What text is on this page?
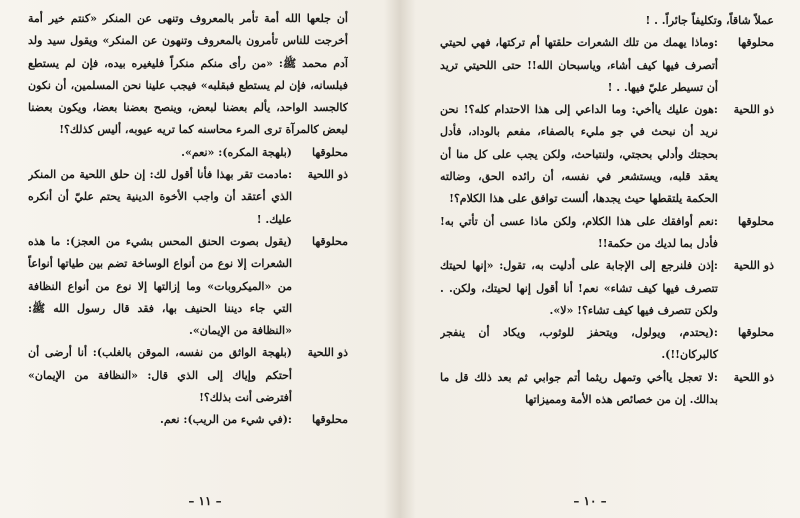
أن جلعها الله أمة تأمر بالمعروف وتنهى عن المنكر «كنتم خير أمة أخرجت للناس تأمرون بالمعروف وتنهون عن المنكر» ويقول سيد ولد آدم محمد ﷺ: «من رأى منكم منكراً فليغيره بيده، فإن لم يستطع فبلسانه، فإن لم يستطع فبقلبه» فيجب علينا نحن المسلمين، أن نكون كالجسد الواحد، يألم بعضنا لبعض، وينصح بعضنا بعضا، ويكون بعضنا لبعض كالمرآة ترى المرء محاسنه كما تريه عيوبه، أليس كذلك؟!

محلوقها
(بلهجة المكره): «نعم».
ذو اللحية
:مادمت تقر بهذا فأنا أقول لك: إن حلق اللحية من المنكر الذي أعتقد أن واجب الأخوة الدينية يحتم عليّ أن أنكره عليك. !
محلوقها
(يقول بصوت الحنق المحس بشيء من العجز): ما هذه الشعرات إلا نوع من أنواع الوساخة تضم بين طياتها أنواعاً من «الميكروبات» وما إزالتها إلا نوع من أنواع النظافة التي جاء ديننا الحنيف بها، فقد قال رسول الله ﷺ: «النظافة من الإيمان».
ذو اللحية
(بلهجة الواثق من نفسه، الموقن بالغلب): أنا أرضى أن أحتكم وإياك إلى الذي قال: «النظافة من الإيمان» أفترضى أنت بذلك؟!
محلوقها
:(في شيء من الريب): نعم.
– ١١ –

عملاً شاقاً، وتكليفاً جائراً. . !

محلوقها
:وماذا يهمك من تلك الشعرات حلقتها أم تركتها، فهي لحيتي أتصرف فيها كيف أشاء، وياسبحان الله!! حتى اللحيتي تريد أن تسيطر عليّ فيها. . !
ذو اللحية
:هون عليك ياأخي: وما الداعي إلى هذا الاحتدام كله؟! نحن نريد أن نبحث في جو مليء بالصفاء، مفعم بالوداد، فأدل بحجتك وأدلي بحجتي، ولنتباحث، ولكن يجب على كل منا أن يعقد قلبه، ويستشعر في نفسه، أن رائده الحق، وضالته الحكمة يلتقطها حيث يجدها، ألست توافق على هذا الكلام؟!
محلوقها
:نعم أوافقك على هذا الكلام، ولكن ماذا عسى أن تأتي به! فأدل بما لديك من حكمة!!
ذو اللحية
:إذن فلنرجع إلى الإجابة على أدليت به، تقول: «إنها لحيتك تتصرف فيها كيف تشاء» نعم! أنا أقول إنها لحيتك، ولكن. . ولكن تتصرف فيها كيف تشاء؟! «لا».
محلوقها
:(يحتدم، ويولول، ويتحفز للوثوب، ويكاد أن ينفجر كالبركان!!).
ذو اللحية
:لا تعجل ياأخي وتمهل ريثما أتم جوابي ثم بعد ذلك قل ما بدالك. إن من خصائص هذه الأمة ومميزاتها
– ١٠ –
